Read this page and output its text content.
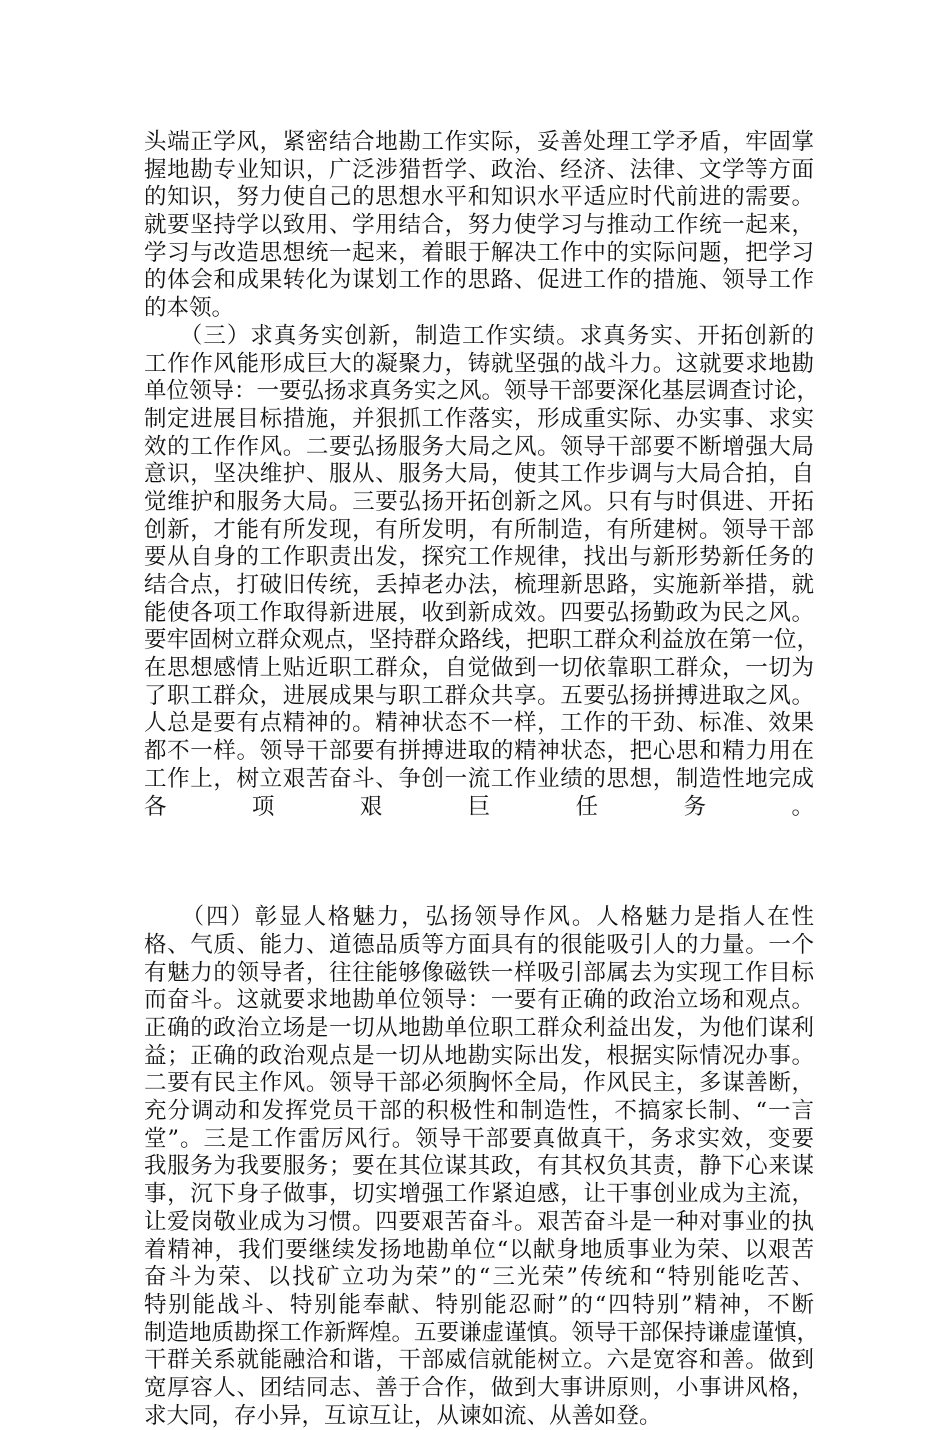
头端正学风，紧密结合地勘工作实际，妥善处理工学矛盾，牢固掌
握地勘专业知识，广泛涉猎哲学、政治、经济、法律、文学等方面
的知识，努力使自己的思想水平和知识水平适应时代前进的需要。
就要坚持学以致用、学用结合，努力使学习与推动工作统一起来，
学习与改造思想统一起来，着眼于解决工作中的实际问题，把学习
的体会和成果转化为谋划工作的思路、促进工作的措施、领导工作
的本领。
　　（三）求真务实创新，制造工作实绩。求真务实、开拓创新的
工作作风能形成巨大的凝聚力，铸就坚强的战斗力。这就要求地勘
单位领导：一要弘扬求真务实之风。领导干部要深化基层调查讨论，
制定进展目标措施，并狠抓工作落实，形成重实际、办实事、求实
效的工作作风。二要弘扬服务大局之风。领导干部要不断增强大局
意识，坚决维护、服从、服务大局，使其工作步调与大局合拍，自
觉维护和服务大局。三要弘扬开拓创新之风。只有与时俱进、开拓
创新，才能有所发现，有所发明，有所制造，有所建树。领导干部
要从自身的工作职责出发，探究工作规律，找出与新形势新任务的
结合点，打破旧传统，丢掉老办法，梳理新思路，实施新举措，就
能使各项工作取得新进展，收到新成效。四要弘扬勤政为民之风。
要牢固树立群众观点，坚持群众路线，把职工群众利益放在第一位，
在思想感情上贴近职工群众，自觉做到一切依靠职工群众，一切为
了职工群众，进展成果与职工群众共享。五要弘扬拼搏进取之风。
人总是要有点精神的。精神状态不一样，工作的干劲、标准、效果
都不一样。领导干部要有拼搏进取的精神状态，把心思和精力用在
工作上，树立艰苦奋斗、争创一流工作业绩的思想，制造性地完成
各项艰巨任务。
　　（四）彰显人格魅力，弘扬领导作风。人格魅力是指人在性
格、气质、能力、道德品质等方面具有的很能吸引人的力量。一个
有魅力的领导者，往往能够像磁铁一样吸引部属去为实现工作目标
而奋斗。这就要求地勘单位领导：一要有正确的政治立场和观点。
正确的政治立场是一切从地勘单位职工群众利益出发，为他们谋利
益；正确的政治观点是一切从地勘实际出发，根据实际情况办事。
二要有民主作风。领导干部必须胸怀全局，作风民主，多谋善断，
充分调动和发挥党员干部的积极性和制造性，不搞家长制、“一言
堂”。三是工作雷厉风行。领导干部要真做真干，务求实效，变要
我服务为我要服务；要在其位谋其政，有其权负其责，静下心来谋
事，沉下身子做事，切实增强工作紧迫感，让干事创业成为主流，
让爱岗敬业成为习惯。四要艰苦奋斗。艰苦奋斗是一种对事业的执
着精神，我们要继续发扬地勘单位“以献身地质事业为荣、以艰苦
奋斗为荣、以找矿立功为荣”的“三光荣”传统和“特别能吃苦、
特别能战斗、特别能奉献、特别能忍耐”的“四特别”精神，不断
制造地质勘探工作新辉煌。五要谦虚谨慎。领导干部保持谦虚谨慎，
干群关系就能融洽和谐，干部威信就能树立。六是宽容和善。做到
宽厚容人、团结同志、善于合作，做到大事讲原则，小事讲风格，
求大同，存小异，互谅互让，从谏如流、从善如登。
